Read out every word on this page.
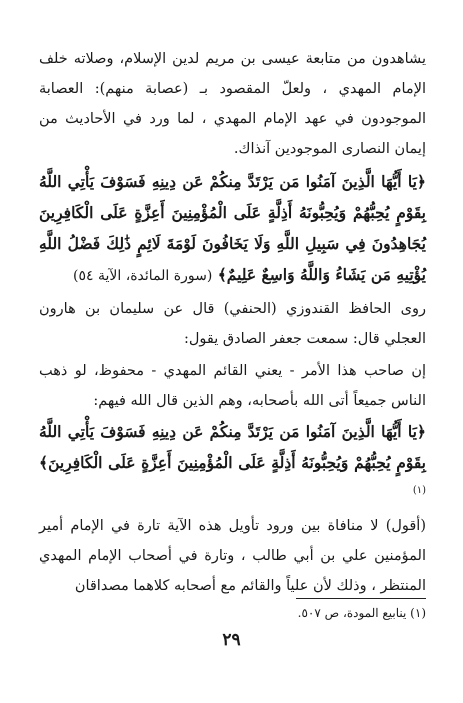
يشاهدون من متابعة عيسى بن مريم لدين الإسلام، وصلاته خلف الإمام المهدي ، ولعلّ المقصود بـ (عصابة منهم): العصابة الموجودون في عهد الإمام المهدي ، لما ورد في الأحاديث من إيمان النصارى الموجودين آنذاك.

﴿يَا أَيُّهَا الَّذِينَ آمَنُوا مَن يَرْتَدَّ مِنكُمْ عَن دِينِهِ فَسَوْفَ يَأْتِي اللَّهُ بِقَوْمٍ يُحِبُّهُمْ وَيُحِبُّونَهُ أَذِلَّةٍ عَلَى الْمُؤْمِنِينَ أَعِزَّةٍ عَلَى الْكَافِرِينَ يُجَاهِدُونَ فِي سَبِيلِ اللَّهِ وَلَا يَخَافُونَ لَوْمَةَ لَائِمٍ ذَٰلِكَ فَضْلُ اللَّهِ يُؤْتِيهِ مَن يَشَاءُ وَاللَّهُ وَاسِعٌ عَلِيمٌ﴾ (سورة المائدة، الآية ٥٤)

روى الحافظ القندوزي (الحنفي) قال عن سليمان بن هارون العجلي قال: سمعت جعفر الصادق يقول:

إن صاحب هذا الأمر - يعني القائم المهدي - محفوظ، لو ذهب الناس جميعاً أتى الله بأصحابه، وهم الذين قال الله فيهم:

﴿يَا أَيُّهَا الَّذِينَ آمَنُوا مَن يَرْتَدَّ مِنكُمْ عَن دِينِهِ فَسَوْفَ يَأْتِي اللَّهُ بِقَوْمٍ يُحِبُّهُمْ وَيُحِبُّونَهُ أَذِلَّةٍ عَلَى الْمُؤْمِنِينَ أَعِزَّةٍ عَلَى الْكَافِرِينَ﴾ $^{(١)}$

(أقول) لا منافاة بين ورود تأويل هذه الآية تارة في الإمام أمير المؤمنين علي بن أبي طالب ، وتارة في أصحاب الإمام المهدي المنتظر ، وذلك لأن علياً والقائم مع أصحابه كلاهما مصداقان

(١) ينابيع المودة، ص ٥٠٧.
٢٩
